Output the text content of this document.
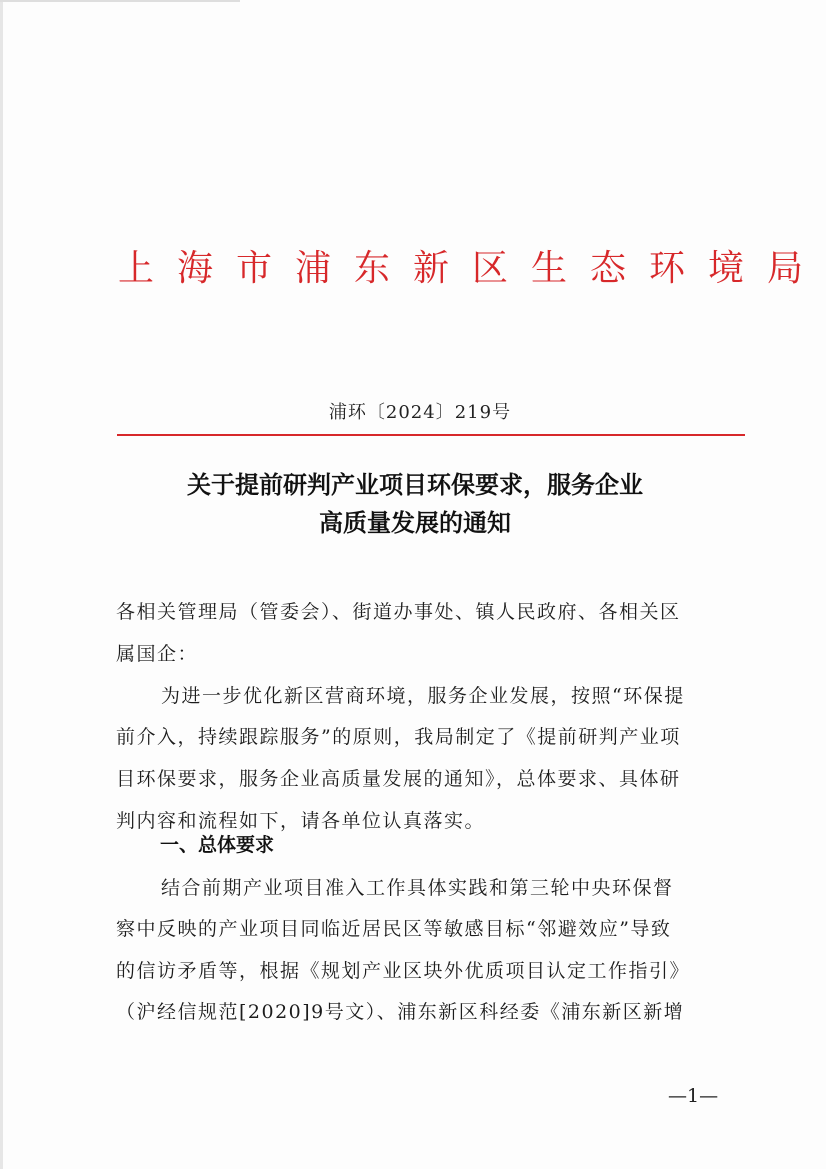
上海市浦东新区生态环境局
浦环〔2024〕219号
关于提前研判产业项目环保要求，服务企业
高质量发展的通知
各相关管理局（管委会）、街道办事处、镇人民政府、各相关区
属国企：
为进一步优化新区营商环境，服务企业发展，按照“环保提
前介入，持续跟踪服务”的原则，我局制定了《提前研判产业项
目环保要求，服务企业高质量发展的通知》，总体要求、具体研
判内容和流程如下，请各单位认真落实。
一、总体要求
结合前期产业项目准入工作具体实践和第三轮中央环保督
察中反映的产业项目同临近居民区等敏感目标“邻避效应”导致
的信访矛盾等，根据《规划产业区块外优质项目认定工作指引》
（沪经信规范[2020]9号文）、浦东新区科经委《浦东新区新增
—1—
